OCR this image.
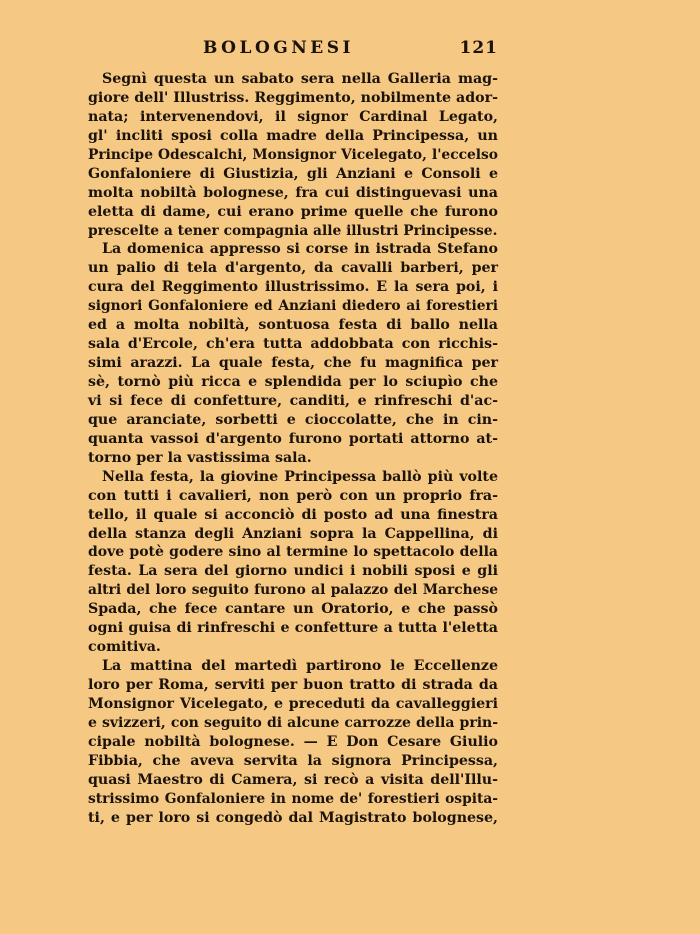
BOLOGNESI	121
Segnì questa un sabato sera nella Galleria mag-
giore dell' Illustriss. Reggimento, nobilmente ador-
nata; intervenendovi, il signor Cardinal Legato,
gl' incliti sposi colla madre della Principessa, un
Principe Odescalchi, Monsignor Vicelegato, l'eccelso
Gonfaloniere di Giustizia, gli Anziani e Consoli e
molta nobiltà bolognese, fra cui distinguevasi una
eletta di dame, cui erano prime quelle che furono
prescelte a tener compagnia alle illustri Principesse.
La domenica appresso si corse in istrada Stefano
un palio di tela d'argento, da cavalli barberi, per
cura del Reggimento illustrissimo. E la sera poi, i
signori Gonfaloniere ed Anziani diedero ai forestieri
ed a molta nobiltà, sontuosa festa di ballo nella
sala d'Ercole, ch'era tutta addobbata con ricchis-
simi arazzi. La quale festa, che fu magnifica per
sè, tornò più ricca e splendida per lo sciupìo che
vi si fece di confetture, canditi, e rinfreschi d'ac-
que aranciate, sorbetti e cioccolatte, che in cin-
quanta vassoi d'argento furono portati attorno at-
torno per la vastissima sala.
Nella festa, la giovine Principessa ballò più volte
con tutti i cavalieri, non però con un proprio fra-
tello, il quale si acconciò di posto ad una finestra
della stanza degli Anziani sopra la Cappellina, di
dove potè godere sino al termine lo spettacolo della
festa. La sera del giorno undici i nobili sposi e gli
altri del loro seguito furono al palazzo del Marchese
Spada, che fece cantare un Oratorio, e che passò
ogni guisa di rinfreschi e confetture a tutta l'eletta
comitiva.
La mattina del martedì partirono le Eccellenze
loro per Roma, serviti per buon tratto di strada da
Monsignor Vicelegato, e preceduti da cavalleggieri
e svizzeri, con seguito di alcune carrozze della prin-
cipale nobiltà bolognese. — E Don Cesare Giulio
Fibbia, che aveva servita la signora Principessa,
quasi Maestro di Camera, si recò a visita dell'Illu-
strissimo Gonfaloniere in nome de' forestieri ospita-
ti, e per loro si congedò dal Magistrato bolognese,
